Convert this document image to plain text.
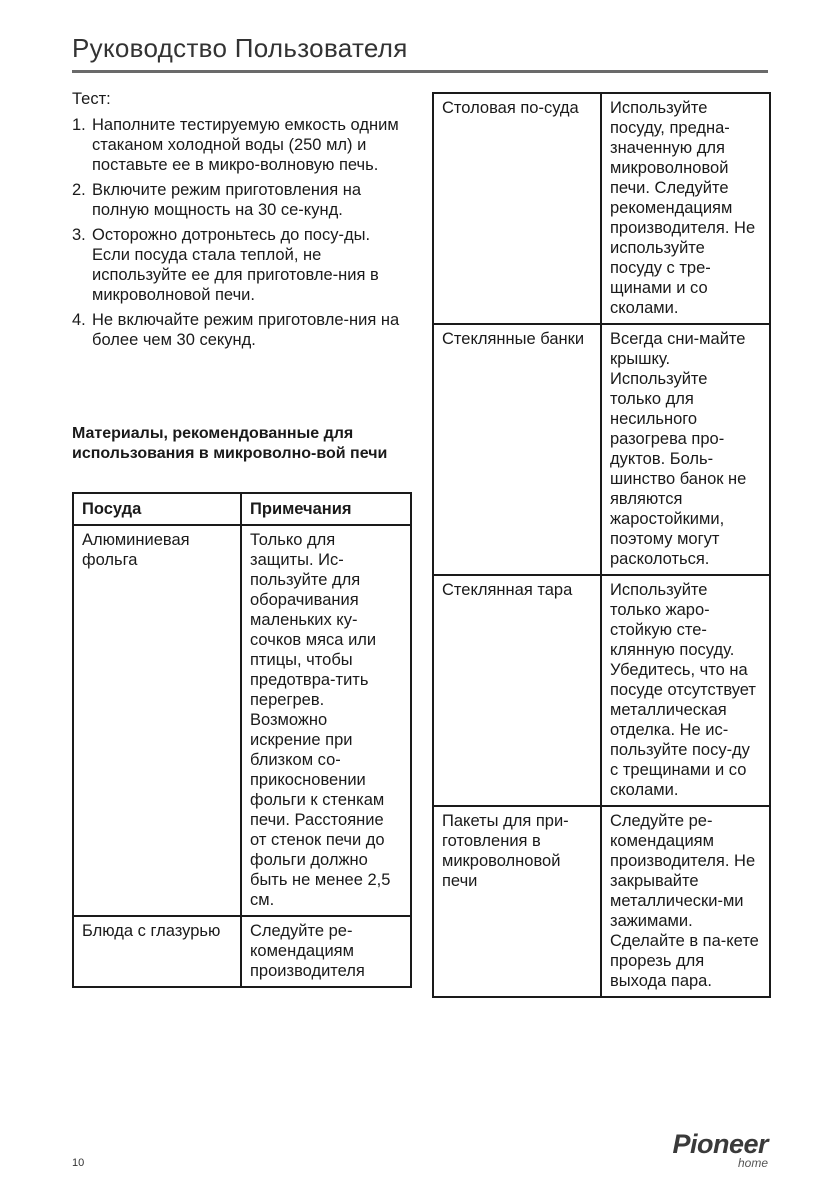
Руководство Пользователя

Тест:

1. Наполните тестируемую емкость одним стаканом холодной воды (250 мл) и поставьте ее в микро-волновую печь.
2. Включите режим приготовления на полную мощность на 30 се-кунд.
3. Осторожно дотроньтесь до посу-ды. Если посуда стала теплой, не используйте ее для приготовле-ния в микроволновой печи.
4. Не включайте режим приготовле-ния на более чем 30 секунд.
Материалы, рекомендованные для использования в микроволно-вой печи
Посуда	Примечания
Алюминиевая фольга	Только для защиты. Ис-пользуйте для оборачивания маленьких ку-сочков мяса или птицы, чтобы предотвра-тить перегрев. Возможно искрение при близком со-прикосновении фольги к стенкам печи. Расстояние от стенок печи до фольги должно быть не менее 2,5 см.
Блюда с глазурью	Следуйте ре-комендациям производителя
Столовая по-суда	Используйте посуду, предна-значенную для микроволновой печи. Следуйте рекомендациям производителя. Не используйте посуду с тре-щинами и со сколами.
Стеклянные банки	Всегда сни-майте крышку. Используйте только для несильного разогрева про-дуктов. Боль-шинство банок не являются жаростойкими, поэтому могут расколоться.
Стеклянная тара	Используйте только жаро-стойкую сте-клянную посуду. Убедитесь, что на посуде отсутствует металлическая отделка. Не ис-пользуйте посу-ду с трещинами и со сколами.
Пакеты для при-готовления в микроволновой печи	Следуйте ре-комендациям производителя. Не закрывайте металлически-ми зажимами. Сделайте в па-кете прорезь для выхода пара.
10
Pioneer
home
